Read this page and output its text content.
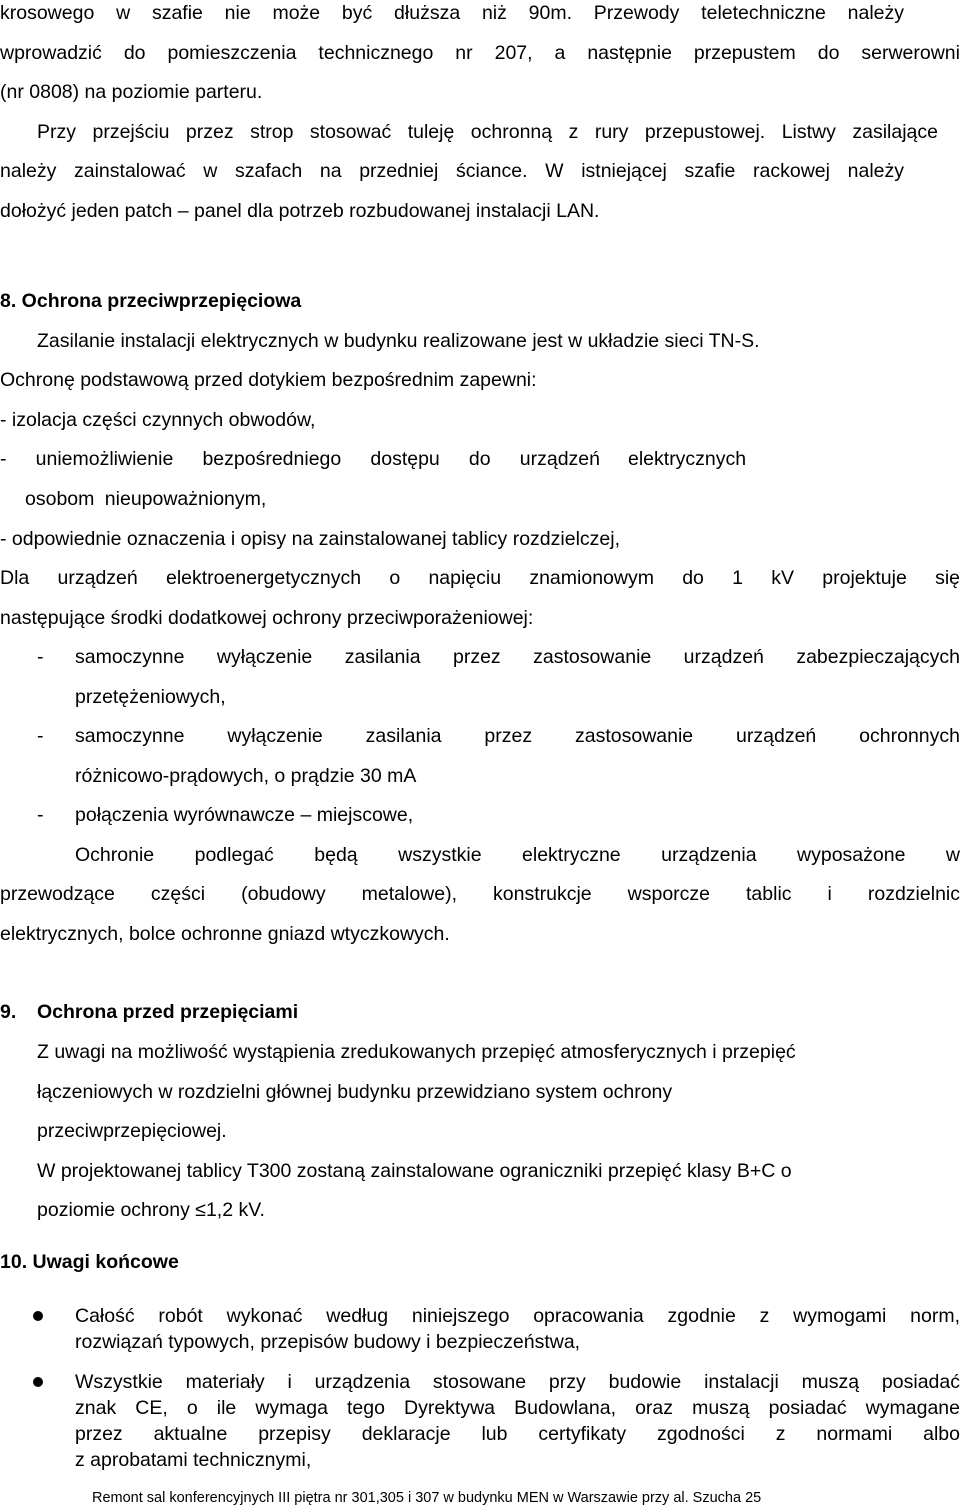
krosowego w szafie nie może być dłuższa niż 90m. Przewody teletechniczne należy
wprowadzić do pomieszczenia technicznego nr 207, a następnie przepustem do serwerowni
(nr 0808) na poziomie parteru.
Przy przejściu przez strop stosować tuleję ochronną z rury przepustowej. Listwy zasilające
należy zainstalować w szafach na przedniej ściance. W istniejącej szafie rackowej należy
dołożyć jeden patch – panel dla potrzeb rozbudowanej instalacji LAN.
8. Ochrona przeciwprzepięciowa
Zasilanie instalacji elektrycznych w budynku realizowane jest w układzie sieci TN-S.
Ochronę podstawową przed dotykiem bezpośrednim zapewni:
- izolacja części czynnych obwodów,
- uniemożliwienie bezpośredniego dostępu do urządzeń elektrycznych
osobom nieupoważnionym,
- odpowiednie oznaczenia i opisy na zainstalowanej tablicy rozdzielczej,
Dla urządzeń elektroenergetycznych o napięciu znamionowym do 1 kV projektuje się
następujące środki dodatkowej ochrony przeciwporażeniowej:
- samoczynne wyłączenie zasilania przez zastosowanie urządzeń zabezpieczających
przetężeniowych,
- samoczynne wyłączenie zasilania przez zastosowanie urządzeń ochronnych
różnicowo-prądowych, o prądzie 30 mA
- połączenia wyrównawcze – miejscowe,
Ochronie podlegać będą wszystkie elektryczne urządzenia wyposażone w
przewodzące części (obudowy metalowe), konstrukcje wsporcze tablic i rozdzielnic
elektrycznych, bolce ochronne gniazd wtyczkowych.
9. Ochrona przed przepięciami
Z uwagi na możliwość wystąpienia zredukowanych przepięć atmosferycznych i przepięć
łączeniowych w rozdzielni głównej budynku przewidziano system ochrony
przeciwprzepięciowej.
W projektowanej tablicy T300 zostaną zainstalowane ograniczniki przepięć klasy B+C o
poziomie ochrony ≤1,2 kV.
10. Uwagi końcowe
Całość robót wykonać według niniejszego opracowania zgodnie z wymogami norm,
rozwiązań typowych, przepisów budowy i bezpieczeństwa,
Wszystkie materiały i urządzenia stosowane przy budowie instalacji muszą posiadać
znak CE, o ile wymaga tego Dyrektywa Budowlana, oraz muszą posiadać wymagane
przez aktualne przepisy deklaracje lub certyfikaty zgodności z normami albo
z aprobatami technicznymi,
Remont sal konferencyjnych III piętra nr 301,305 i 307 w budynku MEN w Warszawie przy al. Szucha 25
